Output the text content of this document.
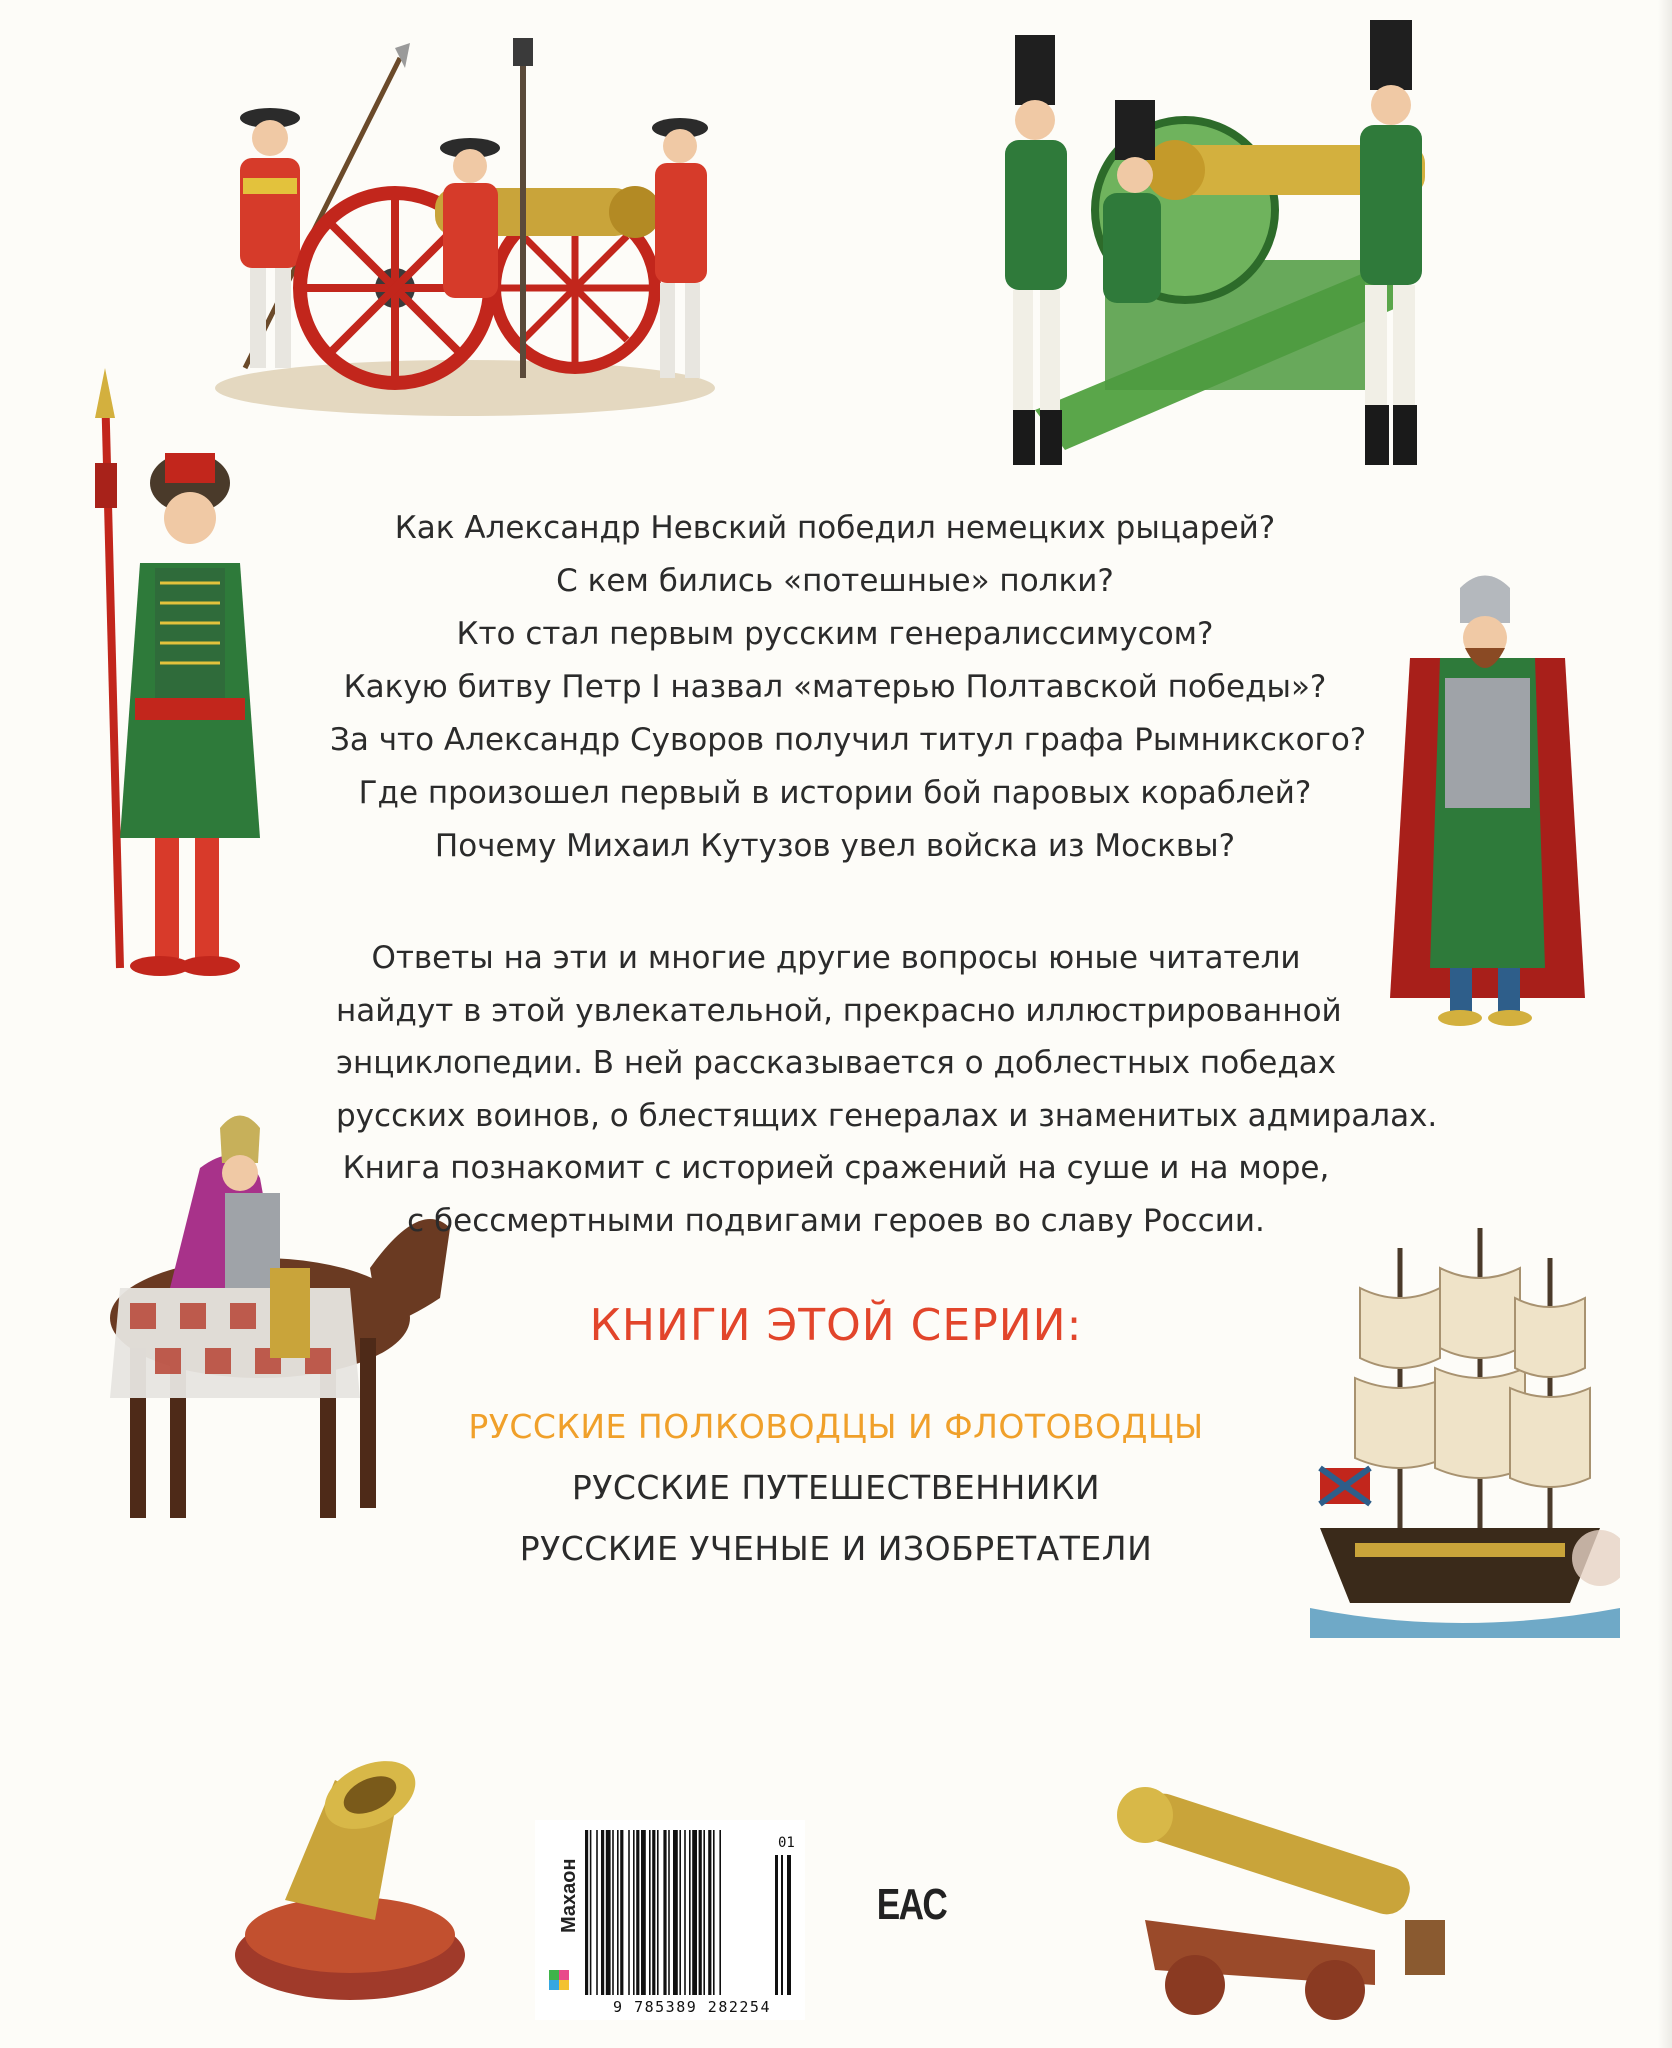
Как Александр Невский победил немецких рыцарей?
С кем бились «потешные» полки?
Кто стал первым русским генералиссимусом?
Какую битву Петр I назвал «матерью Полтавской победы»?
За что Александр Суворов получил титул графа Рымникского?
Где произошел первый в истории бой паровых кораблей?
Почему Михаил Кутузов увел войска из Москвы?
Ответы на эти и многие другие вопросы юные читатели
найдут в этой увлекательной, прекрасно иллюстрированной
энциклопедии. В ней рассказывается о доблестных победах
русских воинов, о блестящих генералах и знаменитых адмиралах.
Книга познакомит с историей сражений на суше и на море,
с бессмертными подвигами героев во славу России.
КНИГИ ЭТОЙ СЕРИИ:
РУССКИЕ ПОЛКОВОДЦЫ И ФЛОТОВОДЦЫ
РУССКИЕ ПУТЕШЕСТВЕННИКИ
РУССКИЕ УЧЕНЫЕ И ИЗОБРЕТАТЕЛИ
Махаон
9 785389 282254
01
EAC
